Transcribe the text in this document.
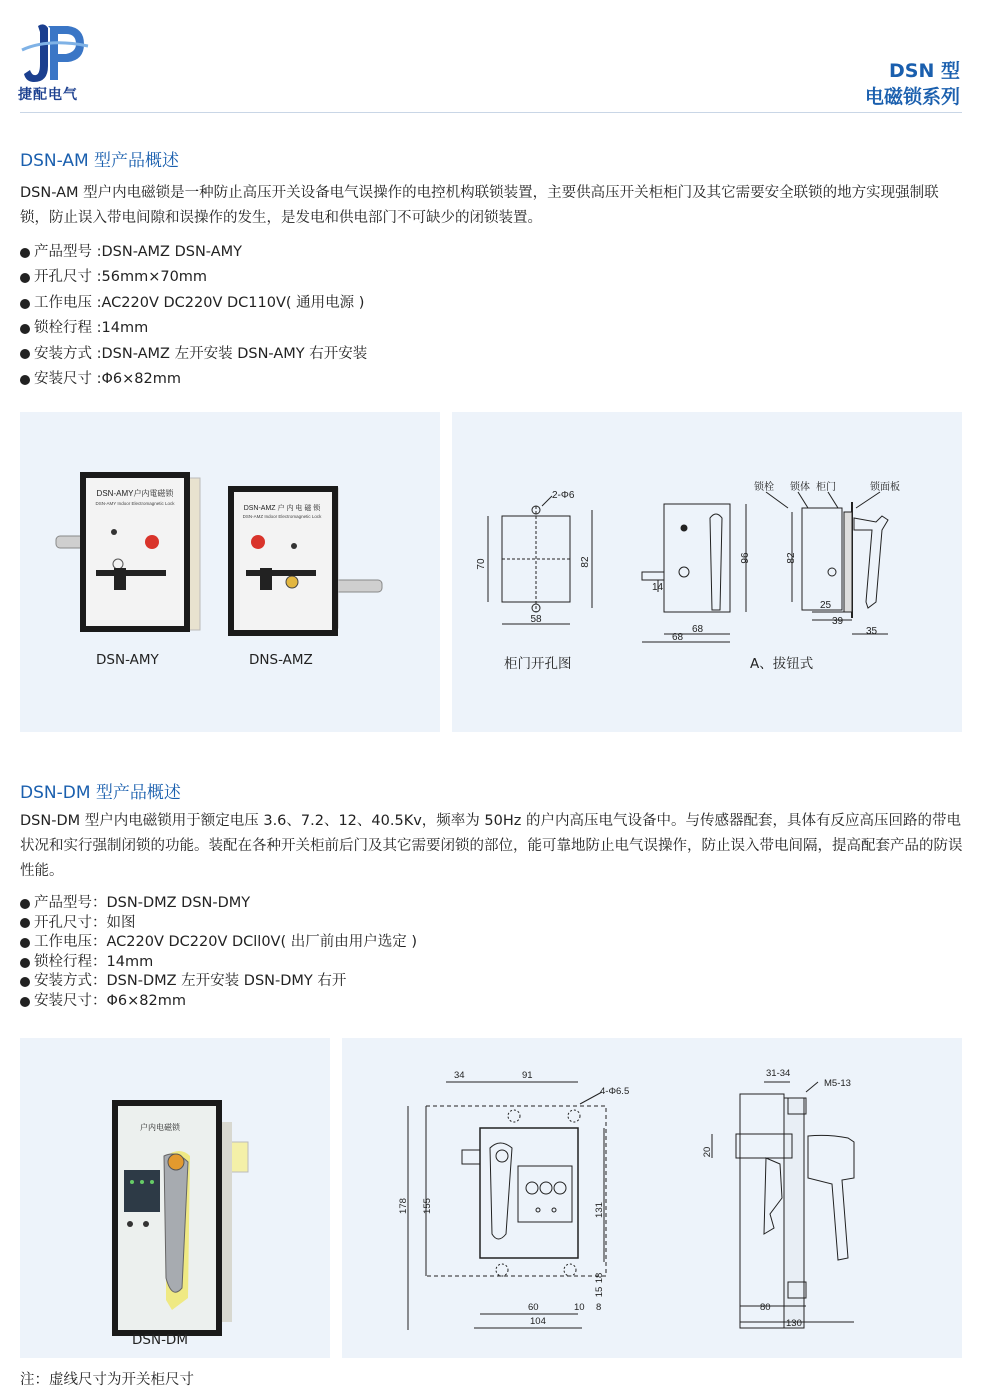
捷配电气
DSN 型
电磁锁系列
DSN-AM 型产品概述
DSN-AM 型户内电磁锁是一种防止高压开关设备电气误操作的电控机构联锁装置，主要供高压开关柜柜门及其它需要安全联锁的地方实现强制联锁，防止误入带电间隙和误操作的发生，是发电和供电部门不可缺少的闭锁装置。
产品型号 :DSN-AMZ DSN-AMY
开孔尺寸 :56mm×70mm
工作电压 :AC220V DC220V DC110V( 通用电源 )
锁栓行程 :14mm
安装方式 :DSN-AMZ 左开安装 DSN-AMY 右开安装
安装尺寸 :Φ6×82mm
DSN-AMY户内電磁锁
DSN-AMY Indoor Electromagnetic Lock
DSN-AMZ 户 内 电 磁 锁
DSN-AMZ Indoor Electromagnetic Lock
DSN-AMY	DNS-AMZ
2-Φ6
70	82
58
锁栓 锁体 柜门	锁面板
96	82
68
68
14
25
39
35
柜门开孔图	A、拔钮式
DSN-DM 型产品概述
DSN-DM 型户内电磁锁用于额定电压 3.6、7.2、12、40.5Kv，频率为 50Hz 的户内高压电气设备中。与传感器配套，具体有反应高压回路的带电状况和实行强制闭锁的功能。装配在各种开关柜前后门及其它需要闭锁的部位，能可靠地防止电气误操作，防止误入带电间隔，提高配套产品的防误性能。
产品型号：DSN-DMZ DSN-DMY
开孔尺寸：如图
工作电压：AC220V DC220V DCll0V( 出厂前由用户选定 )
锁栓行程：14mm
安装方式：DSN-DMZ 左开安装 DSN-DMY 右开
安装尺寸：Φ6×82mm
户内电磁锁
DSN-DM
34	91
4-Φ6.5
178 155	131
18
15
60	10 8
104
31-34
M5-13
20
80
130
注：虚线尺寸为开关柜尺寸
